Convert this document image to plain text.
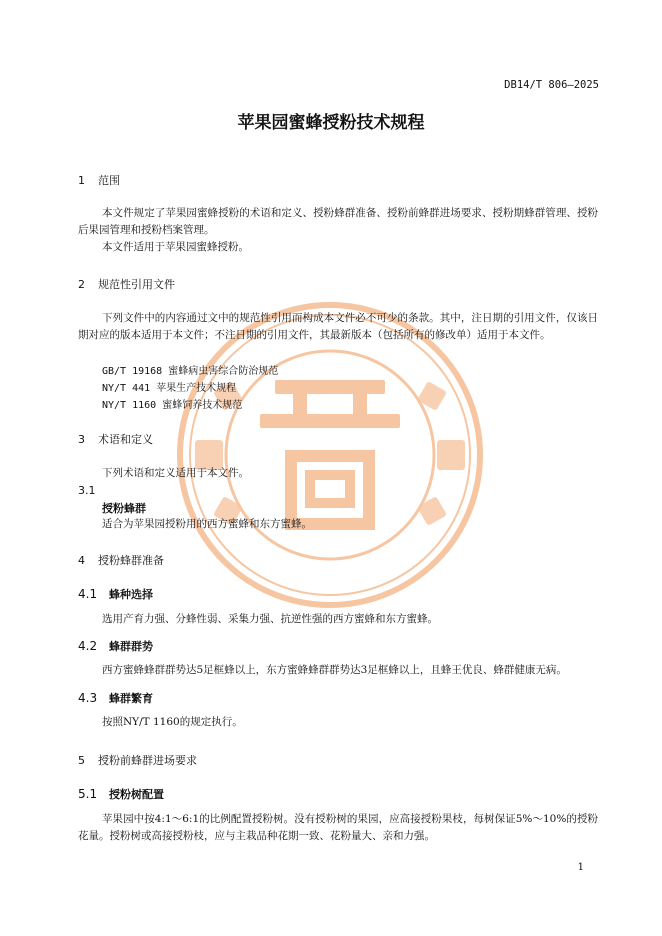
DB14/T 806—2025
苹果园蜜蜂授粉技术规程
1 范围
本文件规定了苹果园蜜蜂授粉的术语和定义、授粉蜂群准备、授粉前蜂群进场要求、授粉期蜂群管理、授粉后果园管理和授粉档案管理。
本文件适用于苹果园蜜蜂授粉。
2 规范性引用文件
下列文件中的内容通过文中的规范性引用而构成本文件必不可少的条款。其中，注日期的引用文件，仅该日期对应的版本适用于本文件；不注日期的引用文件，其最新版本（包括所有的修改单）适用于本文件。
GB/T 19168 蜜蜂病虫害综合防治规范
NY/T 441 苹果生产技术规程
NY/T 1160 蜜蜂饲养技术规范
3 术语和定义
下列术语和定义适用于本文件。
3.1
授粉蜂群
适合为苹果园授粉用的西方蜜蜂和东方蜜蜂。
4 授粉蜂群准备
4.1 蜂种选择
选用产育力强、分蜂性弱、采集力强、抗逆性强的西方蜜蜂和东方蜜蜂。
4.2 蜂群群势
西方蜜蜂蜂群群势达5足框蜂以上，东方蜜蜂蜂群群势达3足框蜂以上，且蜂王优良、蜂群健康无病。
4.3 蜂群繁育
按照NY/T 1160的规定执行。
5 授粉前蜂群进场要求
5.1 授粉树配置
苹果园中按4:1～6:1的比例配置授粉树。没有授粉树的果园，应高接授粉果枝，每树保证5%～10%的授粉花量。授粉树或高接授粉枝，应与主栽品种花期一致、花粉量大、亲和力强。
1
